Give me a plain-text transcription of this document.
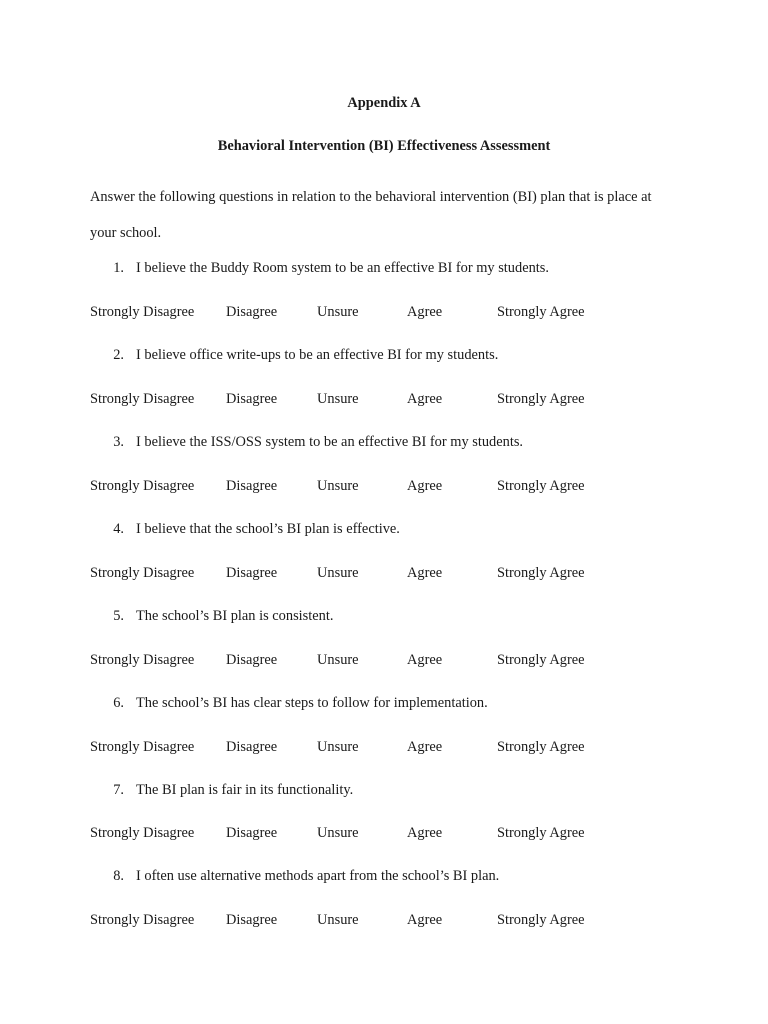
Appendix A
Behavioral Intervention (BI) Effectiveness Assessment

Answer the following questions in relation to the behavioral intervention (BI) plan that is place at your school.

1. I believe the Buddy Room system to be an effective BI for my students.
Strongly Disagree Disagree	Unsure	Agree	Strongly Agree
2. I believe office write-ups to be an effective BI for my students.
Strongly Disagree Disagree	Unsure	Agree	Strongly Agree
3. I believe the ISS/OSS system to be an effective BI for my students.
Strongly Disagree Disagree	Unsure	Agree	Strongly Agree
4. I believe that the school’s BI plan is effective.
Strongly Disagree Disagree	Unsure	Agree	Strongly Agree
5. The school’s BI plan is consistent.
Strongly Disagree Disagree	Unsure	Agree	Strongly Agree
6. The school’s BI has clear steps to follow for implementation.
Strongly Disagree Disagree	Unsure	Agree	Strongly Agree
7. The BI plan is fair in its functionality.
Strongly Disagree Disagree	Unsure	Agree	Strongly Agree
8. I often use alternative methods apart from the school’s BI plan.
Strongly Disagree Disagree	Unsure	Agree	Strongly Agree
